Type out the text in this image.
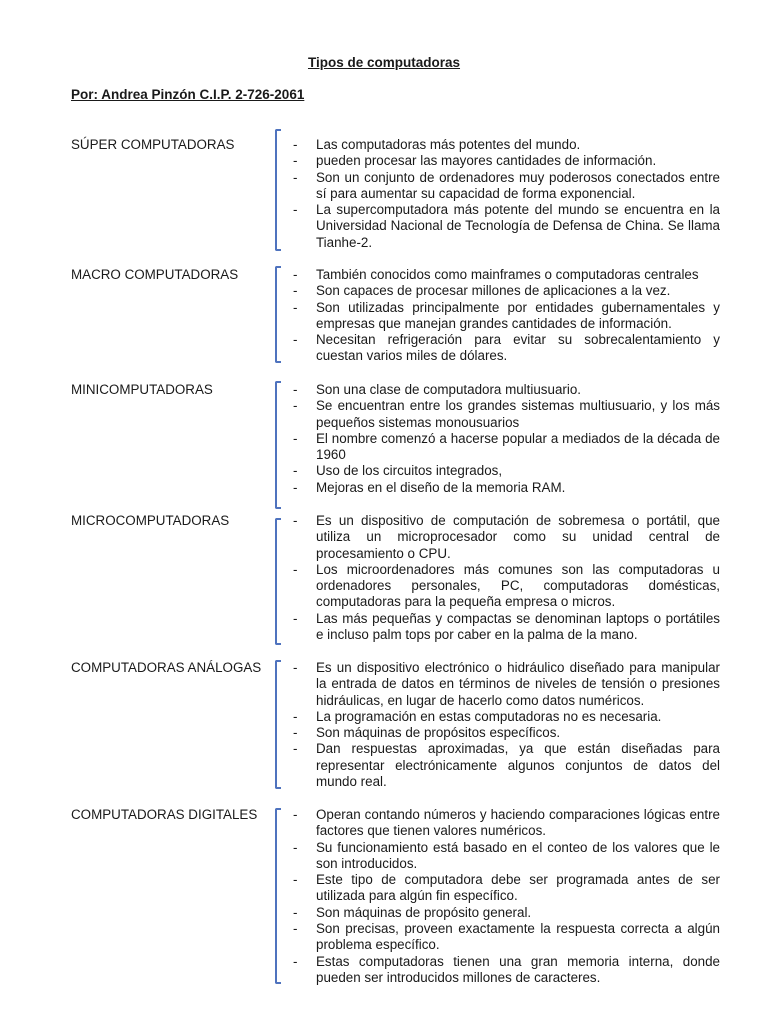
Tipos de computadoras
Por: Andrea Pinzón C.I.P. 2-726-2061
SÚPER COMPUTADORAS	-	Las computadoras más potentes del mundo.
-	pueden procesar las mayores cantidades de información.
-	Son un conjunto de ordenadores muy poderosos conectados entre sí para aumentar su capacidad de forma exponencial.
-	La supercomputadora más potente del mundo se encuentra en la Universidad Nacional de Tecnología de Defensa de China. Se llama Tianhe-2.
MACRO COMPUTADORAS	-	También conocidos como mainframes o computadoras centrales
-	Son capaces de procesar millones de aplicaciones a la vez.
-	Son utilizadas principalmente por entidades gubernamentales y empresas que manejan grandes cantidades de información.
-	Necesitan refrigeración para evitar su sobrecalentamiento y cuestan varios miles de dólares.
MINICOMPUTADORAS	-	Son una clase de computadora multiusuario.
-	Se encuentran entre los grandes sistemas multiusuario, y los más pequeños sistemas monousuarios
-	El nombre comenzó a hacerse popular a mediados de la década de 1960
-	Uso de los circuitos integrados,
-	Mejoras en el diseño de la memoria RAM.
MICROCOMPUTADORAS	-	Es un dispositivo de computación de sobremesa o portátil, que utiliza un microprocesador como su unidad central de procesamiento o CPU.
-	Los microordenadores más comunes son las computadoras u ordenadores personales, PC, computadoras domésticas, computadoras para la pequeña empresa o micros.
-	Las más pequeñas y compactas se denominan laptops o portátiles e incluso palm tops por caber en la palma de la mano.
COMPUTADORAS ANÁLOGAS -	Es un dispositivo electrónico o hidráulico diseñado para manipular la entrada de datos en términos de niveles de tensión o presiones hidráulicas, en lugar de hacerlo como datos numéricos.
-	La programación en estas computadoras no es necesaria.
-	Son máquinas de propósitos específicos.
-	Dan respuestas aproximadas, ya que están diseñadas para representar electrónicamente algunos conjuntos de datos del mundo real.
COMPUTADORAS DIGITALES	-	Operan contando números y haciendo comparaciones lógicas entre factores que tienen valores numéricos.
-	Su funcionamiento está basado en el conteo de los valores que le son introducidos.
-	Este tipo de computadora debe ser programada antes de ser utilizada para algún fin específico.
-	Son máquinas de propósito general.
-	Son precisas, proveen exactamente la respuesta correcta a algún problema específico.
-	Estas computadoras tienen una gran memoria interna, donde pueden ser introducidos millones de caracteres.
